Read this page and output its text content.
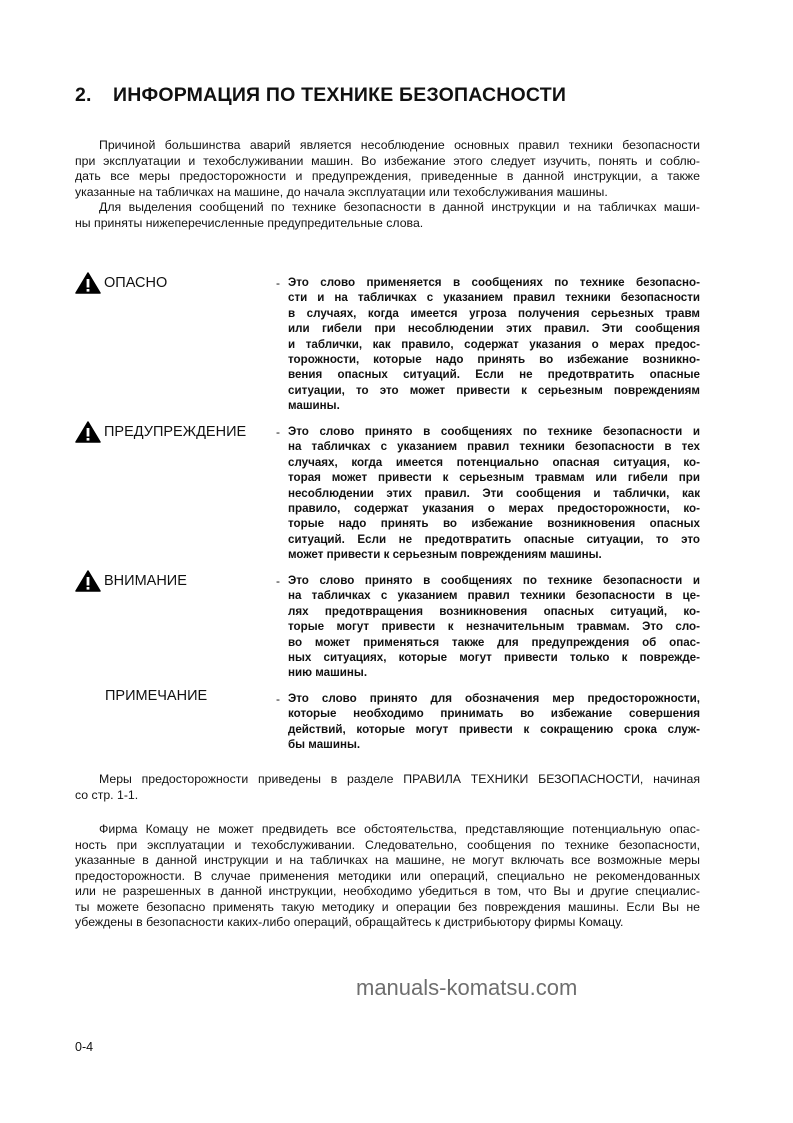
2. ИНФОРМАЦИЯ ПО ТЕХНИКЕ БЕЗОПАСНОСТИ
Причиной большинства аварий является несоблюдение основных правил техники безопасности
при эксплуатации и техобслуживании машин. Во избежание этого следует изучить, понять и соблю-
дать все меры предосторожности и предупреждения, приведенные в данной инструкции, а также
указанные на табличках на машине, до начала эксплуатации или техобслуживания машины.
Для выделения сообщений по технике безопасности в данной инструкции и на табличках маши-
ны приняты нижеперечисленные предупредительные слова.
ОПАСНО	- Это слово применяется в сообщениях по технике безопасно-
сти и на табличках с указанием правил техники безопасности
в случаях, когда имеется угроза получения серьезных травм
или гибели при несоблюдении этих правил. Эти сообщения
и таблички, как правило, содержат указания о мерах предос-
торожности, которые надо принять во избежание возникно-
вения опасных ситуаций. Если не предотвратить опасные
ситуации, то это может привести к серьезным повреждениям
машины.
ПРЕДУПРЕЖДЕНИЕ - Это слово принято в сообщениях по технике безопасности и
на табличках с указанием правил техники безопасности в тех
случаях, когда имеется потенциально опасная ситуация, ко-
торая может привести к серьезным травмам или гибели при
несоблюдении этих правил. Эти сообщения и таблички, как
правило, содержат указания о мерах предосторожности, ко-
торые надо принять во избежание возникновения опасных
ситуаций. Если не предотвратить опасные ситуации, то это
может привести к серьезным повреждениям машины.
ВНИМАНИЕ	- Это слово принято в сообщениях по технике безопасности и
на табличках с указанием правил техники безопасности в це-
лях предотвращения возникновения опасных ситуаций, ко-
торые могут привести к незначительным травмам. Это сло-
во может применяться также для предупреждения об опас-
ных ситуациях, которые могут привести только к поврежде-
нию машины.
ПРИМЕЧАНИЕ	- Это слово принято для обозначения мер предосторожности,
которые необходимо принимать во избежание совершения
действий, которые могут привести к сокращению срока служ-
бы машины.
Меры предосторожности приведены в разделе ПРАВИЛА ТЕХНИКИ БЕЗОПАСНОСТИ, начиная
со стр. 1-1.
Фирма Комацу не может предвидеть все обстоятельства, представляющие потенциальную опас-
ность при эксплуатации и техобслуживании. Следовательно, сообщения по технике безопасности,
указанные в данной инструкции и на табличках на машине, не могут включать все возможные меры
предосторожности. В случае применения методики или операций, специально не рекомендованных
или не разрешенных в данной инструкции, необходимо убедиться в том, что Вы и другие специалис-
ты можете безопасно применять такую методику и операции без повреждения машины. Если Вы не
убеждены в безопасности каких-либо операций, обращайтесь к дистрибьютору фирмы Комацу.
manuals-komatsu.com
0-4
